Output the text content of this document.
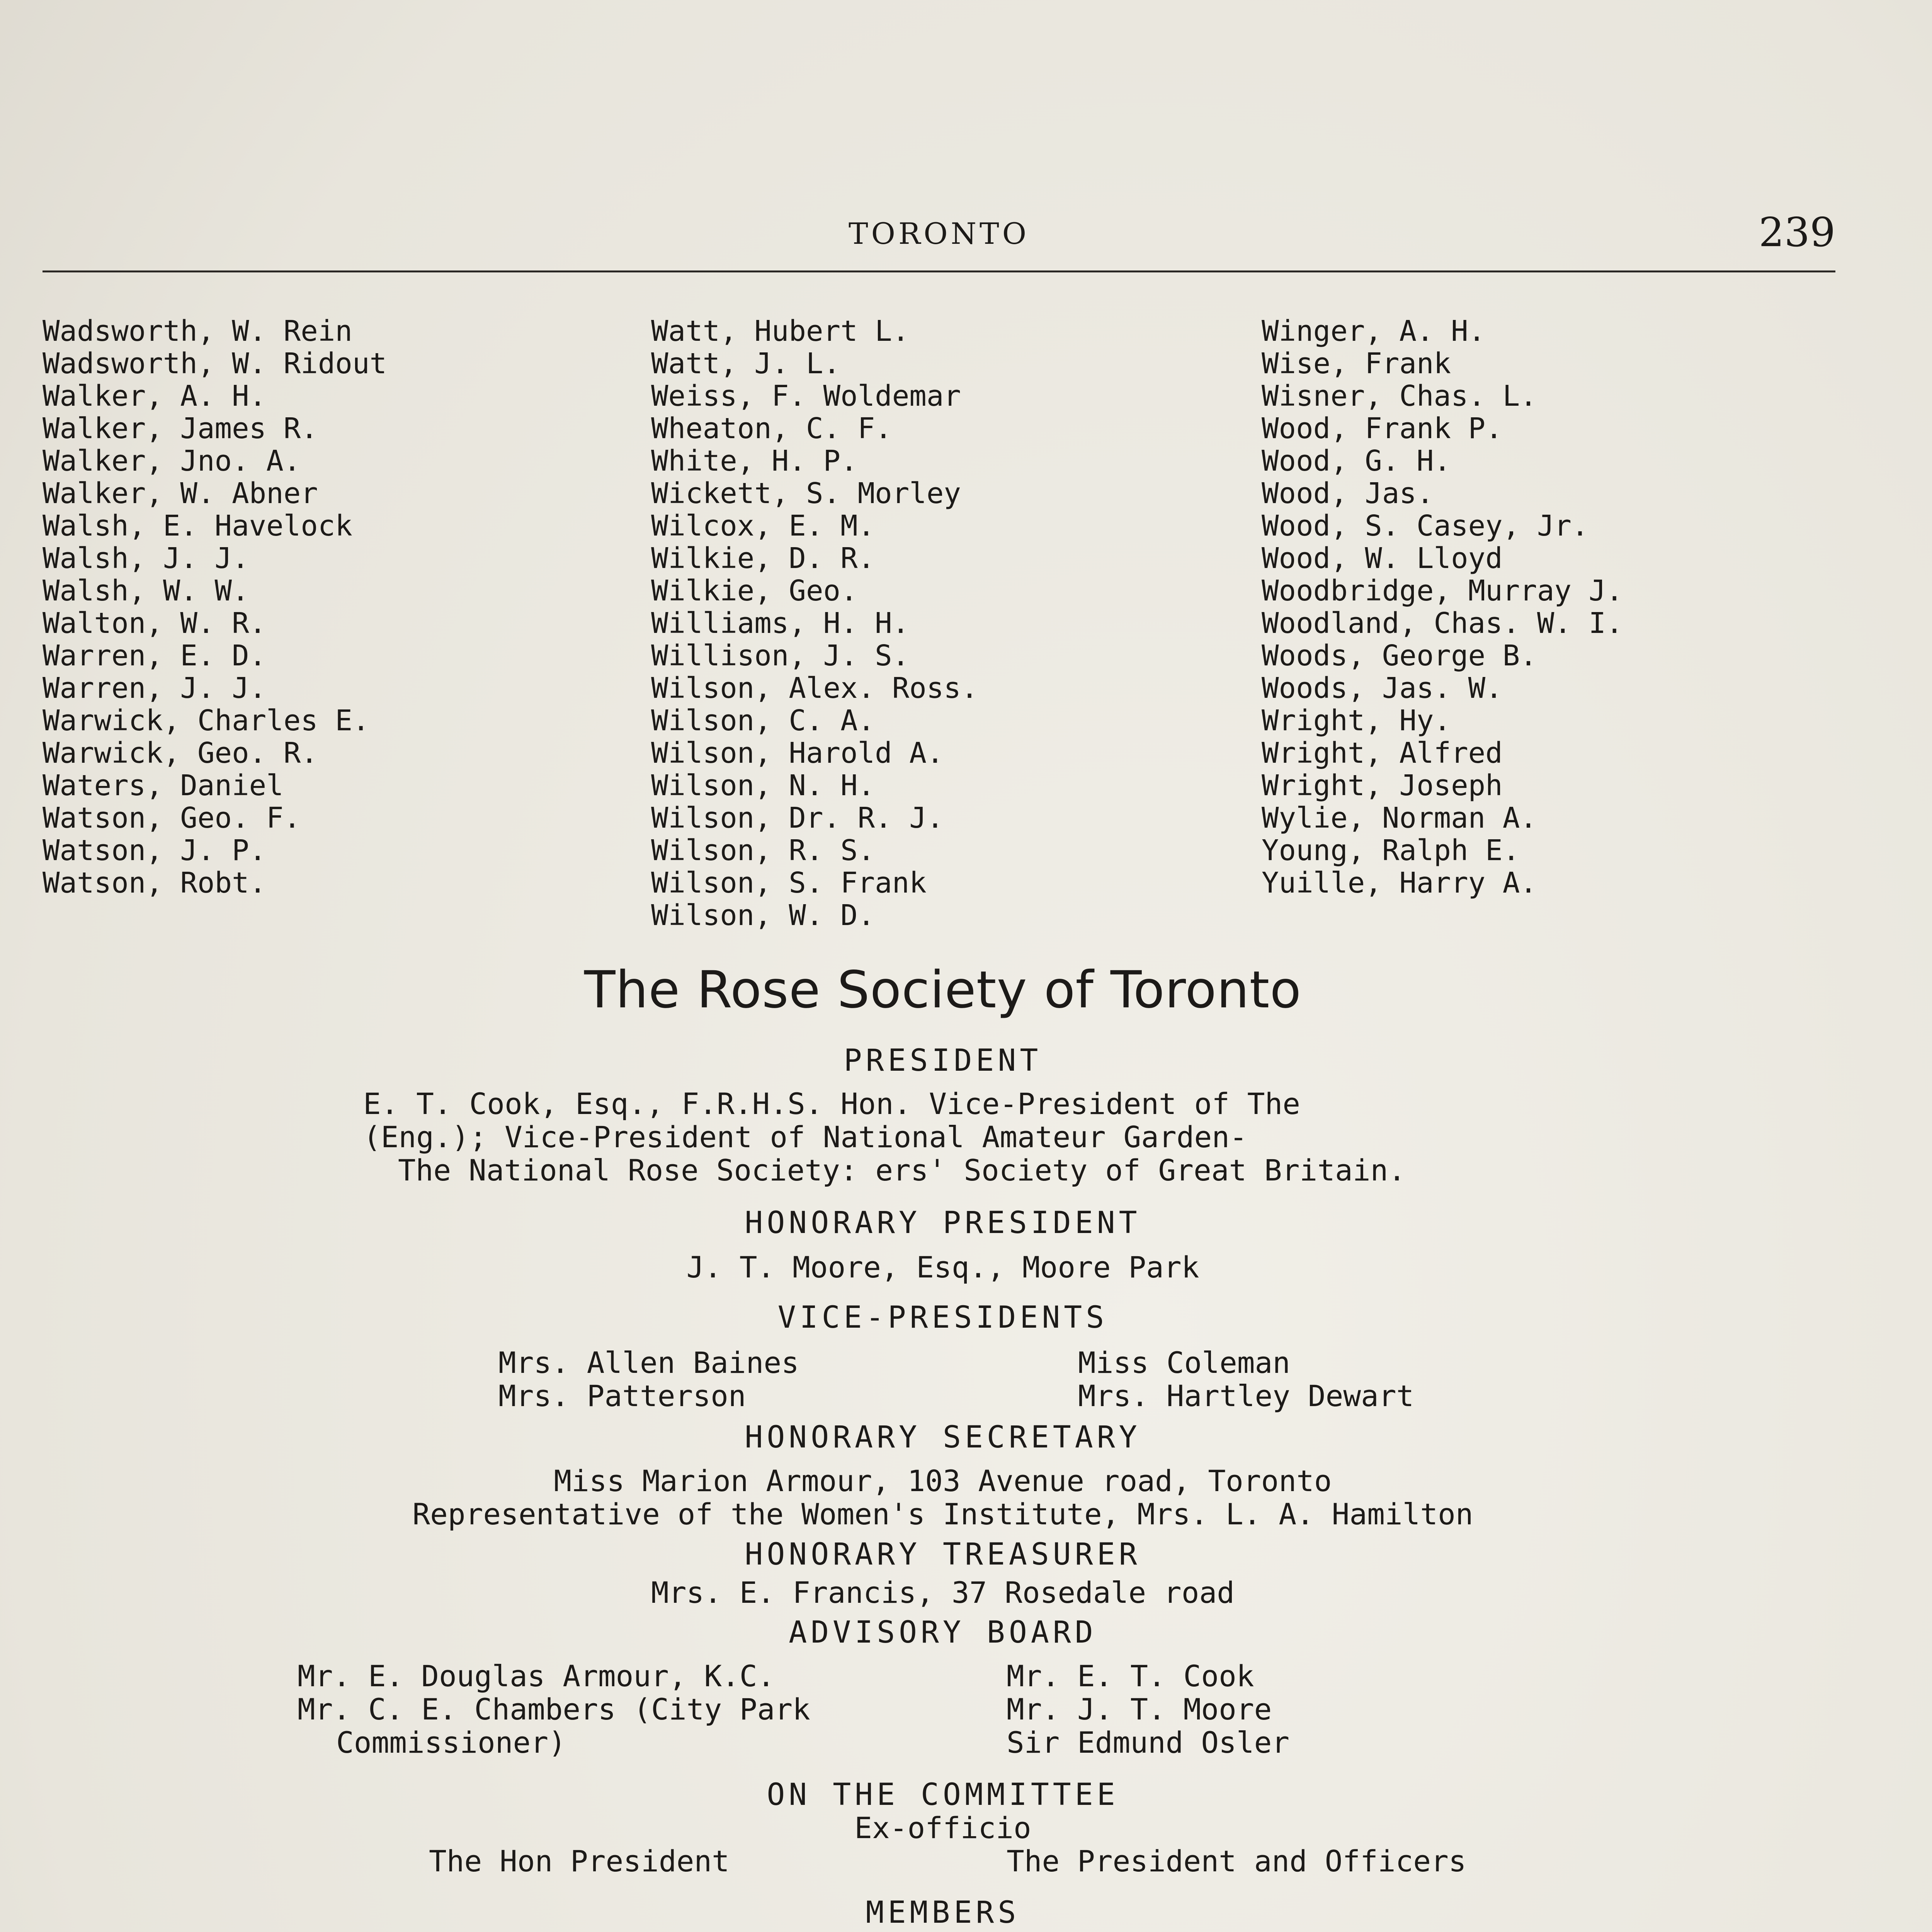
TORONTO	239
Wadsworth, W. Rein
Wadsworth, W. Ridout
Walker, A. H.
Walker, James R.
Walker, Jno. A.
Walker, W. Abner
Walsh, E. Havelock
Walsh, J. J.
Walsh, W. W.
Walton, W. R.
Warren, E. D.
Warren, J. J.
Warwick, Charles E.
Warwick, Geo. R.
Waters, Daniel
Watson, Geo. F.
Watson, J. P.
Watson, Robt.
Watt, Hubert L.
Watt, J. L.
Weiss, F. Woldemar
Wheaton, C. F.
White, H. P.
Wickett, S. Morley
Wilcox, E. M.
Wilkie, D. R.
Wilkie, Geo.
Williams, H. H.
Willison, J. S.
Wilson, Alex. Ross.
Wilson, C. A.
Wilson, Harold A.
Wilson, N. H.
Wilson, Dr. R. J.
Wilson, R. S.
Wilson, S. Frank
Wilson, W. D.
Winger, A. H.
Wise, Frank
Wisner, Chas. L.
Wood, Frank P.
Wood, G. H.
Wood, Jas.
Wood, S. Casey, Jr.
Wood, W. Lloyd
Woodbridge, Murray J.
Woodland, Chas. W. I.
Woods, George B.
Woods, Jas. W.
Wright, Hy.
Wright, Alfred
Wright, Joseph
Wylie, Norman A.
Young, Ralph E.
Yuille, Harry A.
The Rose Society of Toronto
PRESIDENT
E. T. Cook, Esq., F.R.H.S. Hon. Vice-President of The
(Eng.); Vice-President of National Amateur Garden-
The National Rose Society: ers' Society of Great Britain.
HONORARY PRESIDENT
J. T. Moore, Esq., Moore Park
VICE-PRESIDENTS
Mrs. Allen Baines
Mrs. Patterson
Miss Coleman
Mrs. Hartley Dewart
HONORARY SECRETARY
Miss Marion Armour, 103 Avenue road, Toronto
Representative of the Women's Institute, Mrs. L. A. Hamilton
HONORARY TREASURER
Mrs. E. Francis, 37 Rosedale road
ADVISORY BOARD
Mr. E. Douglas Armour, K.C.
Mr. C. E. Chambers (City Park
Commissioner)
Mr. E. T. Cook
Mr. J. T. Moore
Sir Edmund Osler
ON THE COMMITTEE
Ex-officio
The Hon President	The President and Officers
MEMBERS
